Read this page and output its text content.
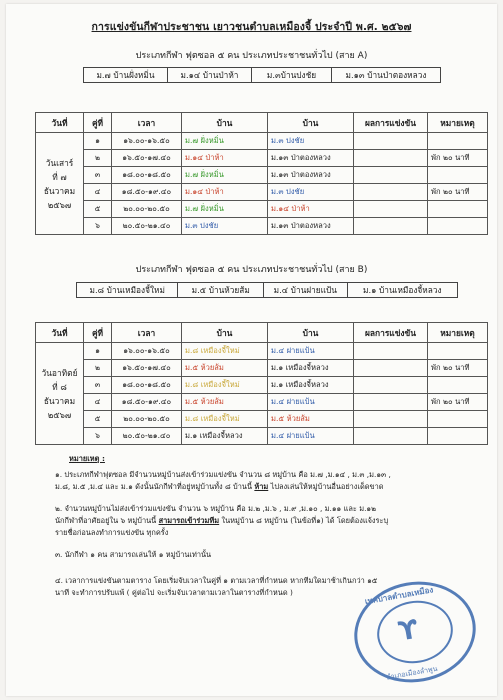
การแข่งขันกีฬาประชาชน เยาวชนตำบลเหมืองจี้ ประจำปี พ.ศ. ๒๕๖๗
ประเภทกีฬา ฟุตซอล ๕ คน ประเภทประชาชนทั่วไป (สาย A)
ม.๗ บ้านฝั่งหมิ่น	ม.๑๔ บ้านป่าห้า	ม.๓บ้านปงชัย	ม.๑๓ บ้านป่าตองหลวง
วันที่	คู่ที่	เวลา	บ้าน	บ้าน	ผลการแข่งขัน	หมายเหตุ

วันเสาร์
ที่ ๗
ธันวาคม
๒๕๖๗	๑	๑๖.๐๐-๑๖.๕๐	ม.๗ ฝั่งหมิ่น	ม.๓ ปงชัย		
	๒	๑๖.๕๐-๑๗.๔๐	ม.๑๔ ป่าห้า	ม.๑๓ ป่าตองหลวง		พัก ๒๐ นาที
	๓	๑๘.๐๐-๑๘.๕๐	ม.๗ ฝั่งหมิ่น	ม.๑๓ ป่าตองหลวง		
	๔	๑๘.๕๐-๑๙.๔๐	ม.๑๔ ป่าห้า	ม.๓ ปงชัย		พัก ๒๐ นาที
	๕	๒๐.๐๐-๒๐.๕๐	ม.๗ ฝั่งหมิ่น	ม.๑๔ ป่าห้า		
	๖	๒๐.๕๐-๒๑.๔๐	ม.๓ ปงชัย	ม.๑๓ ป่าตองหลวง		
ประเภทกีฬา ฟุตซอล ๕ คน ประเภทประชาชนทั่วไป (สาย B)
ม.๘ บ้านเหมืองจี้ใหม่	ม.๕ บ้านห้วยส้ม	ม.๔ บ้านฝายแป้น	ม.๑ บ้านเหมืองจี้หลวง
วันที่	คู่ที่	เวลา	บ้าน	บ้าน	ผลการแข่งขัน	หมายเหตุ

วันอาทิตย์
ที่ ๘
ธันวาคม
๒๕๖๗	๑	๑๖.๐๐-๑๖.๕๐	ม.๘ เหมืองจี้ใหม่	ม.๔ ฝายแป้น		
	๒	๑๖.๕๐-๑๗.๔๐	ม.๕ ห้วยส้ม	ม.๑ เหมืองจี้หลวง		พัก ๒๐ นาที
	๓	๑๘.๐๐-๑๘.๕๐	ม.๘ เหมืองจี้ใหม่	ม.๑ เหมืองจี้หลวง		
	๔	๑๘.๕๐-๑๙.๔๐	ม.๕ ห้วยส้ม	ม.๔ ฝายแป้น		พัก ๒๐ นาที
	๕	๒๐.๐๐-๒๐.๕๐	ม.๘ เหมืองจี้ใหม่	ม.๕ ห้วยส้ม		
	๖	๒๐.๕๐-๒๑.๔๐	ม.๑ เหมืองจี้หลวง	ม.๔ ฝายแป้น		
หมายเหตุ :

๑. ประเภทกีฬาฟุตซอล มีจำนวนหมู่บ้านส่งเข้าร่วมแข่งขัน จำนวน ๘ หมู่บ้าน คือ ม.๗ ,ม.๑๔ , ม.๓ ,ม.๑๓ ,
ม.๘, ม.๕ ,ม.๔ และ ม.๑ ดังนั้นนักกีฬาที่อยู่หมู่บ้านทั้ง ๘ บ้านนี้ ห้าม ไปลงเล่นให้หมู่บ้านอื่นอย่างเด็ดขาด

๒. จำนวนหมู่บ้านไม่ส่งเข้าร่วมแข่งขัน จำนวน ๖ หมู่บ้าน คือ ม.๒ ,ม.๖ , ม.๙ ,ม.๑๐ , ม.๑๑ และ ม.๑๒
นักกีฬาที่อาศัยอยู่ใน ๖ หมู่บ้านนี้ สามารถเข้าร่วมทีม ในหมู่บ้าน ๘ หมู่บ้าน (ในข้อที่๑) ได้ โดยต้องแจ้งระบุ
รายชื่อก่อนลงทำการแข่งขัน ทุกครั้ง

๓. นักกีฬา ๑ คน สามารถเล่นให้ ๑ หมู่บ้านเท่านั้น

๔. เวลาการแข่งขันตามตาราง โดยเริ่มจับเวลาในคู่ที่ ๑ ตามเวลาที่กำหนด หากทีมใดมาช้าเกินกว่า ๑๕
นาที จะทำการปรับแพ้ ( คู่ต่อไป จะเริ่มจับเวลาตามเวลาในตารางที่กำหนด )	เทศบาลตำบลเหมือง
ϒ
อำเภอเมืองลำพูน
